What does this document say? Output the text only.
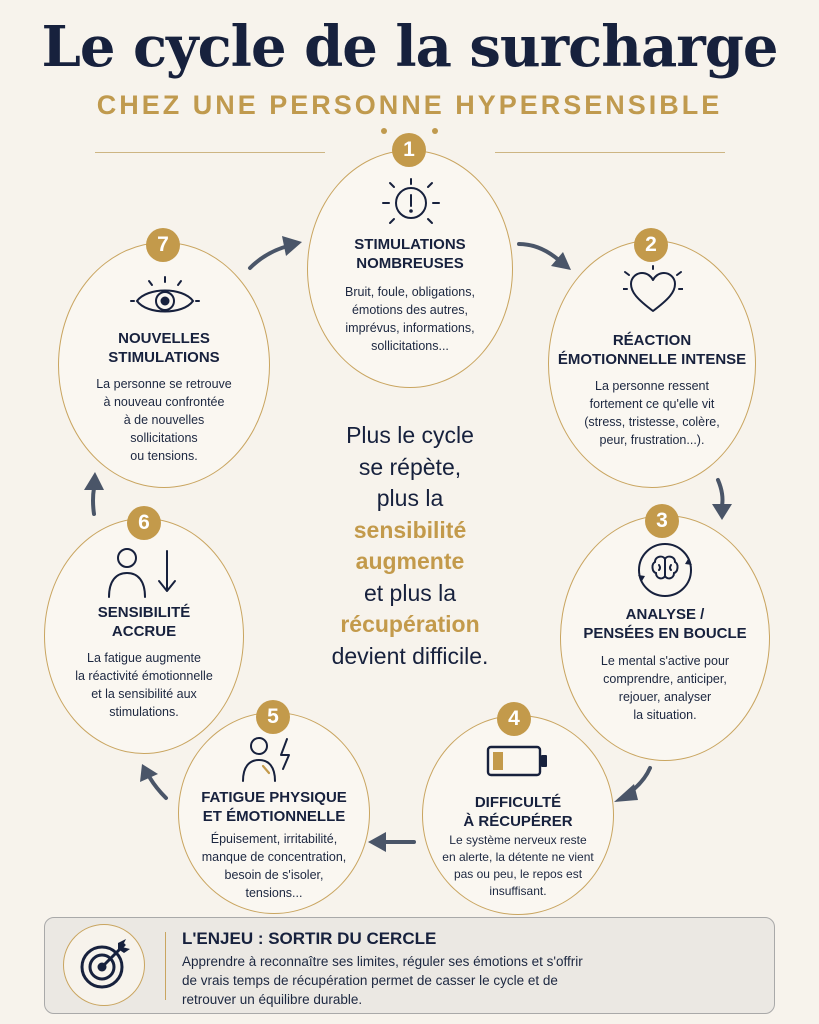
Le cycle de la surcharge
CHEZ UNE PERSONNE HYPERSENSIBLE
STIMULATIONS
NOMBREUSES
Bruit, foule, obligations,
émotions des autres,
imprévus, informations,
sollicitations...
1
RÉACTION
ÉMOTIONNELLE INTENSE
La personne ressent
fortement ce qu'elle vit
(stress, tristesse, colère,
peur, frustration...).
2
ANALYSE /
PENSÉES EN BOUCLE
Le mental s'active pour
comprendre, anticiper,
rejouer, analyser
la situation.
3
DIFFICULTÉ
À RÉCUPÉRER
Le système nerveux reste
en alerte, la détente ne vient
pas ou peu, le repos est
insuffisant.
4
FATIGUE PHYSIQUE
ET ÉMOTIONNELLE
Épuisement, irritabilité,
manque de concentration,
besoin de s'isoler,
tensions...
5
SENSIBILITÉ
ACCRUE
La fatigue augmente
la réactivité émotionnelle
et la sensibilité aux
stimulations.
6
NOUVELLES
STIMULATIONS
La personne se retrouve
à nouveau confrontée
à de nouvelles
sollicitations
ou tensions.
7
Plus le cycle
se répète,
plus la
sensibilité
augmente
et plus la
récupération
devient difficile.
L'ENJEU : SORTIR DU CERCLE
Apprendre à reconnaître ses limites, réguler ses émotions et s'offrir
de vrais temps de récupération permet de casser le cycle et de
retrouver un équilibre durable.
